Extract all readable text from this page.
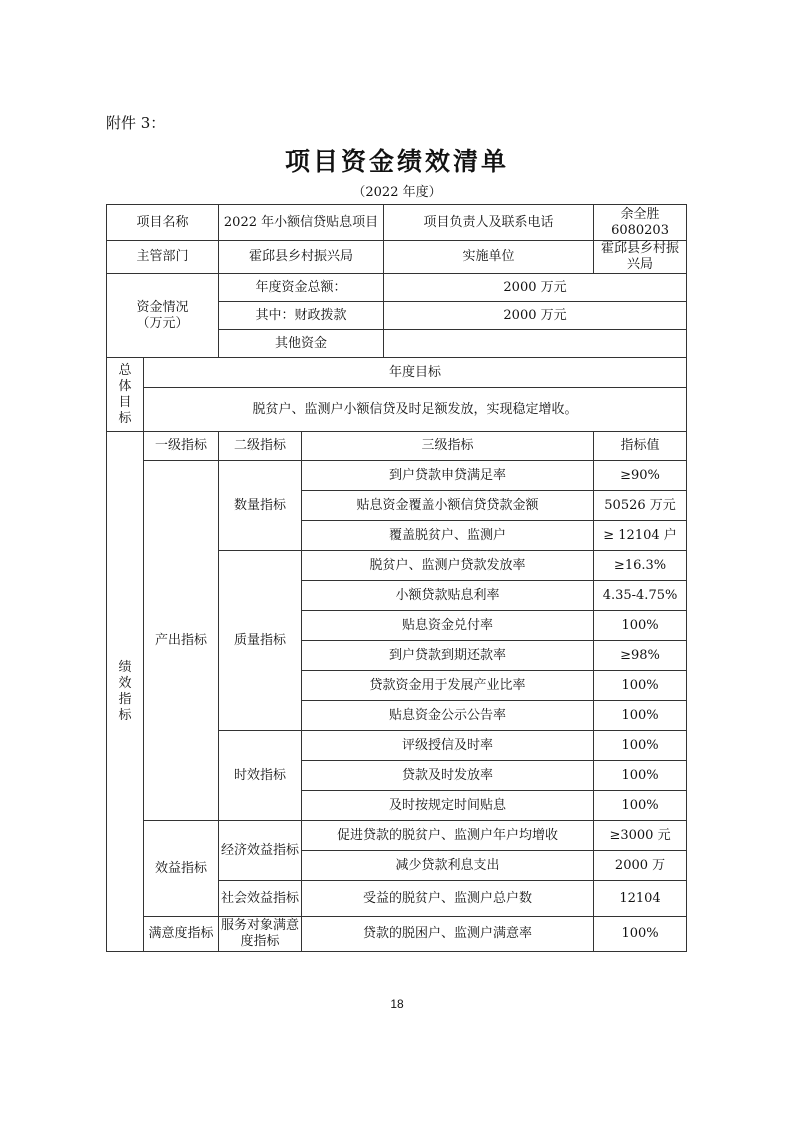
附件 3：
项目资金绩效清单
（2022 年度）
项目名称		2022 年小额信贷贴息项目		项目负责人及联系电话	余全胜 6080203
主管部门		霍邱县乡村振兴局		实施单位	霍邱县乡村振兴局

资金情况
（万元）		年度资金总额：		2000 万元	
		其中：财政拨款		2000 万元	
		其他资金			

总
体
目
标	年度目标				
	脱贫户、监测户小额信贷及时足额发放，实现稳定增收。				

绩
效
指
标	一级指标	二级指标	三级指标		指标值
	产出指标	数量指标	到户贷款申贷满足率		≥90%
			贴息资金覆盖小额信贷贷款金额		50526 万元
			覆盖脱贫户、监测户		≥ 12104 户
		质量指标	脱贫户、监测户贷款发放率		≥16.3%
			小额贷款贴息利率		4.35-4.75%
			贴息资金兑付率		100%
			到户贷款到期还款率		≥98%
			贷款资金用于发展产业比率		100%
			贴息资金公示公告率		100%
		时效指标	评级授信及时率		100%
			贷款及时发放率		100%
			及时按规定时间贴息		100%
	效益指标	经济效益指标	促进贷款的脱贫户、监测户年户均增收		≥3000 元
			减少贷款利息支出		2000 万
		社会效益指标	受益的脱贫户、监测户总户数		12104
	满意度指标	服务对象满意度指标	贷款的脱困户、监测户满意率		100%
18
